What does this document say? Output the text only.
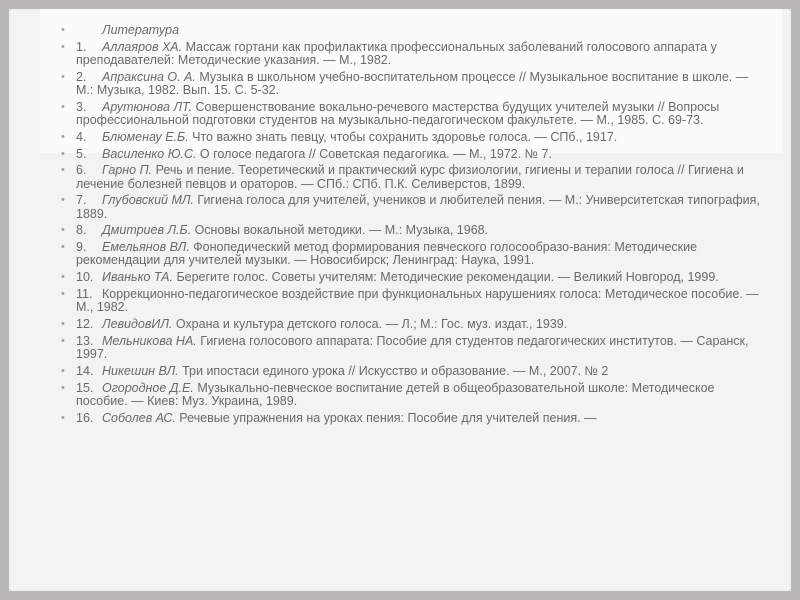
•	Литература
• 1. Аллаяров ХА. Массаж гортани как профилактика профессиональных заболеваний голосового аппарата у преподавателей: Методические указания. — М., 1982.
• 2. Апраксина О. А. Музыка в школьном учебно-воспитательном процессе // Музыкальное воспитание в школе. — М.: Музыка, 1982. Вып. 15. С. 5-32.
• 3. Арутюнова ЛТ. Совершенствование вокально-речевого мастерства будущих учителей музыки // Вопросы профессиональной подготовки студентов на музыкально-педагогическом факультете. — М., 1985. С. 69-73.
• 4. Блюменау Е.Б. Что важно знать певцу, чтобы сохранить здоровье голоса. — СПб., 1917.
• 5. Василенко Ю.С. О голосе педагога // Советская педагогика. — М., 1972. № 7.
• 6. Гарно П. Речь и пение. Теоретический и практический курс физиологии, гигиены и терапии голоса // Гигиена и лечение болезней певцов и ораторов. — СПб.: СПб. П.К. Селиверстов, 1899.
• 7. Глубовский МЛ. Гигиена голоса для учителей, учеников и любителей пения. — М.: Университетская типография, 1889.
• 8. Дмитриев Л.Б. Основы вокальной методики. — М.: Музыка, 1968.
• 9. Емельянов ВЛ. Фонопедический метод формирования певческого голосообразо-вания: Методические рекомендации для учителей музыки. — Новосибирск; Ленинград: Наука, 1991.
• 10. Иванько ТА. Берегите голос. Советы учителям: Методические рекомендации. — Великий Новгород, 1999.
• 11. Коррекционно-педагогическое воздействие при функциональных нарушениях голоса: Методическое пособие. — М., 1982.
• 12. ЛевидовИЛ. Охрана и культура детского голоса. — Л.; М.: Гос. муз. издат., 1939.
• 13. Мельникова НА. Гигиена голосового аппарата: Пособие для студентов педагогических институтов. — Саранск, 1997.
• 14. Никешин ВЛ. Три ипостаси единого урока // Искусство и образование. — М., 2007. № 2
• 15. Огородное Д.Е. Музыкально-певческое воспитание детей в общеобразовательной школе: Методическое пособие. — Киев: Муз. Украина, 1989.
• 16. Соболев АС. Речевые упражнения на уроках пения: Пособие для учителей пения. —
